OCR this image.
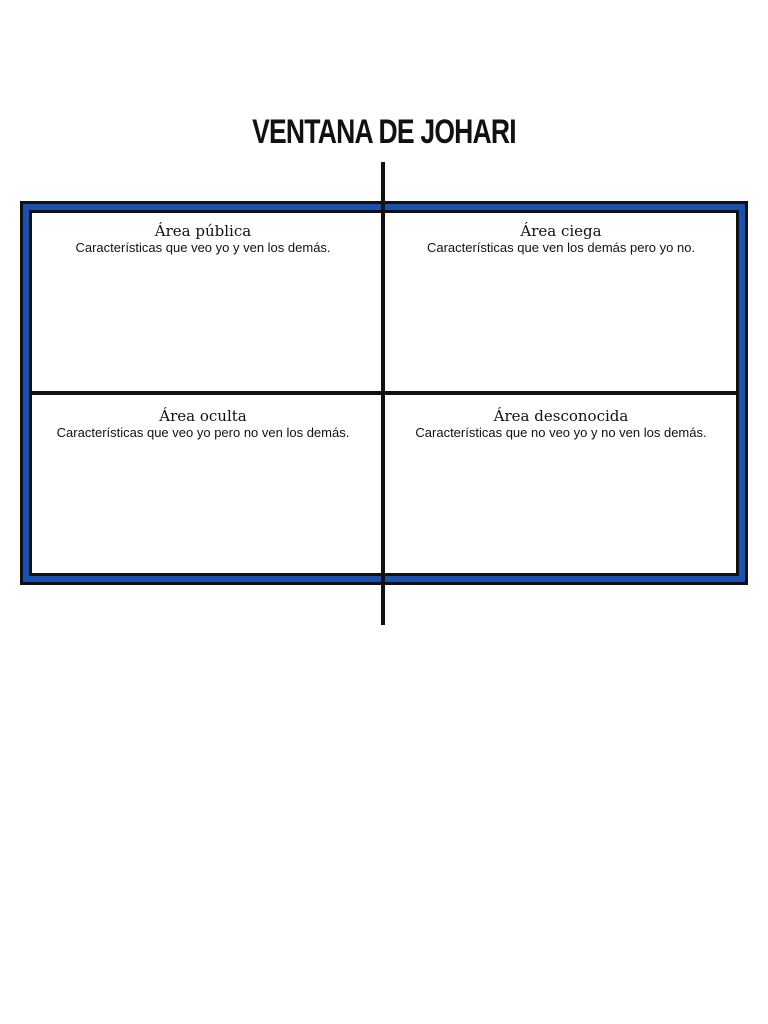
VENTANA DE JOHARI
Área pública
Características que veo yo y ven los demás.
Área ciega
Características que ven los demás pero yo no.
Área oculta
Características que veo yo pero no ven los demás.
Área desconocida
Características que no veo yo y no ven los demás.
